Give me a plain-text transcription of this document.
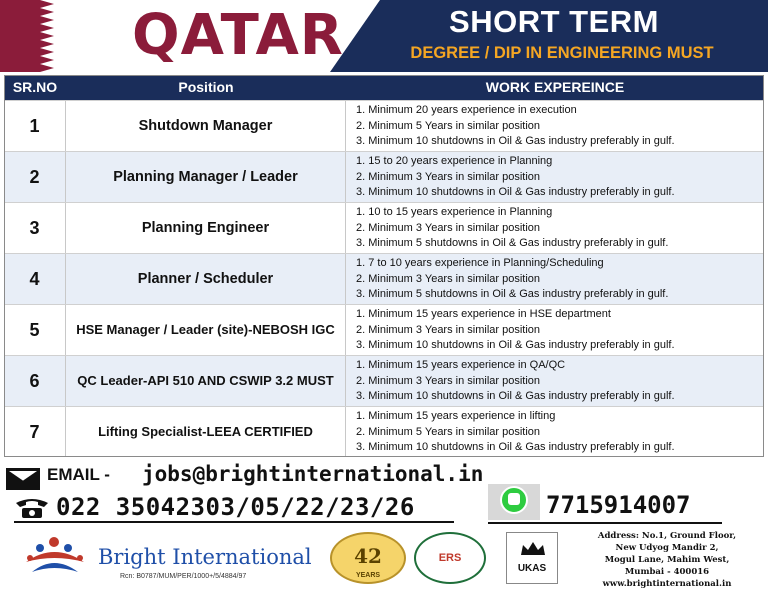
QATAR	SHORT TERM
DEGREE / DIP IN ENGINEERING MUST
SR.NO	Position	WORK EXPEREINCE
1	Shutdown Manager
1. Minimum 20 years experience in execution
2. Minimum 5 Years in similar position
3. Minimum 10 shutdowns in Oil & Gas industry preferably in gulf.
2	Planning Manager / Leader
1. 15 to 20 years experience in Planning
2. Minimum 3 Years in similar position
3. Minimum 10 shutdowns in Oil & Gas industry preferably in gulf.
3	Planning Engineer
1. 10 to 15 years experience in Planning
2. Minimum 3 Years in similar position
3. Minimum 5 shutdowns in Oil & Gas industry preferably in gulf.
4	Planner / Scheduler
1. 7 to 10 years experience in Planning/Scheduling
2. Minimum 3 Years in similar position
3. Minimum 5 shutdowns in Oil & Gas industry preferably in gulf.
5	HSE Manager / Leader (site)-NEBOSH IGC
1. Minimum 15 years experience in HSE department
2. Minimum 3 Years in similar position
3. Minimum 10 shutdowns in Oil & Gas industry preferably in gulf.
6	QC Leader-API 510 AND CSWIP 3.2 MUST
1. Minimum 15 years experience in QA/QC
2. Minimum 3 Years in similar position
3. Minimum 10 shutdowns in Oil & Gas industry preferably in gulf.
7	Lifting Specialist-LEEA CERTIFIED
1. Minimum 15 years experience in lifting
2. Minimum 5 Years in similar position
3. Minimum 10 shutdowns in Oil & Gas industry preferably in gulf.
EMAIL - jobs@brightinternational.in
022 35042303/05/22/23/26	7715914007
Bright International
Rcn: B0787/MUM/PER/1000+/5/4884/97
42
YEARS
ERS
UKAS
Address: No.1, Ground Floor,
New Udyog Mandir 2,
Mogul Lane, Mahim West,
Mumbai - 400016
www.brightinternational.in
